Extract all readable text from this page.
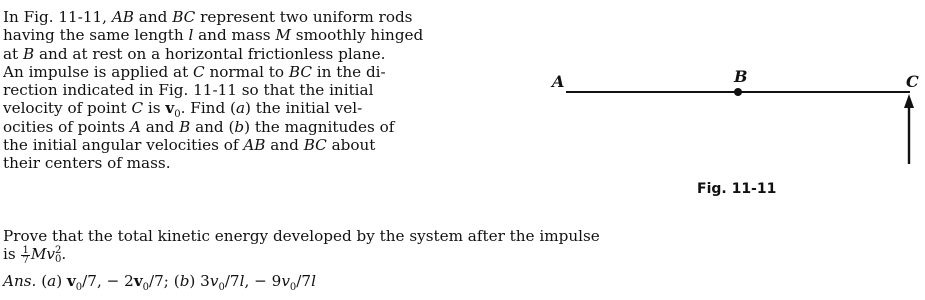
In Fig. 11-11, AB and BC represent two uniform rods
having the same length l and mass M smoothly hinged
at B and at rest on a horizontal frictionless plane.
An impulse is applied at C normal to BC in the di-
rection indicated in Fig. 11-11 so that the initial
velocity of point C is $v_0$. Find (a) the initial vel-
ocities of points A and B and (b) the magnitudes of
the initial angular velocities of AB and BC about
their centers of mass.
Prove that the total kinetic energy developed by the system after the impulse
is $\frac{1}{7}$ Mv 2
0 .
Ans. (a) $v_0/7$, − $2v_0/7$; (b) $3v_0/7l$, − $9v_0/7l$
A	B	C
Fig. 11-11
